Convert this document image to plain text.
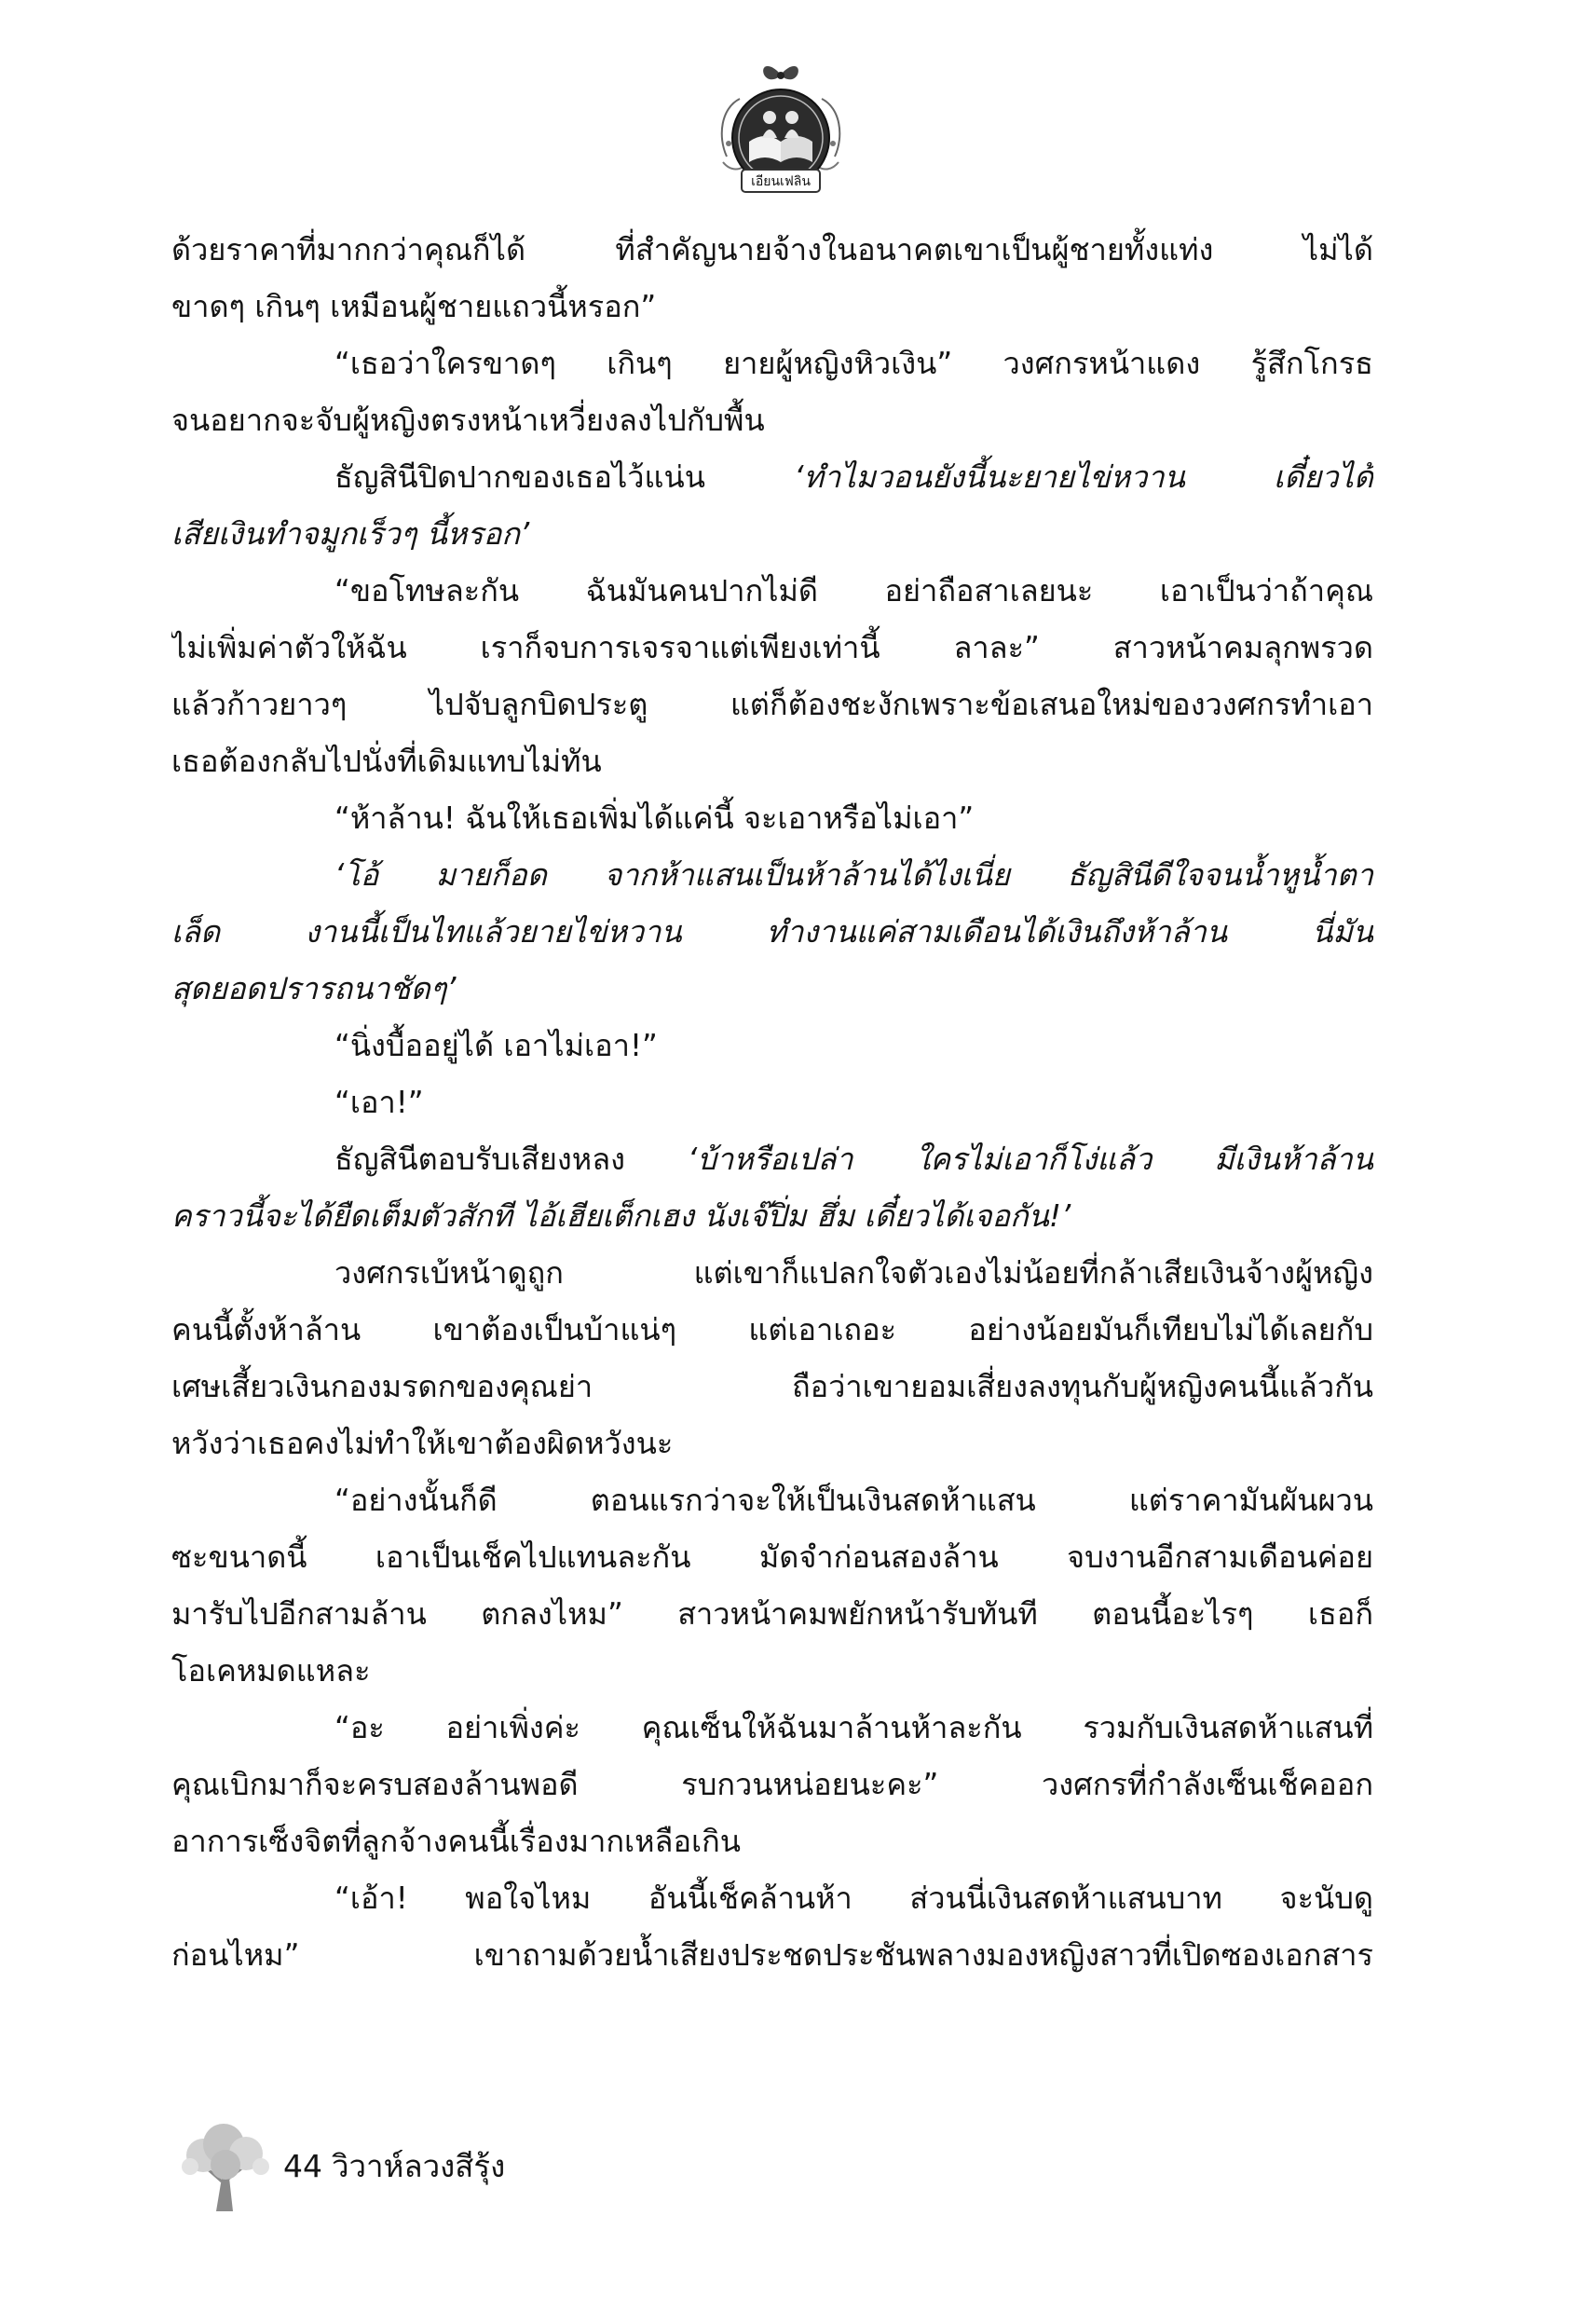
เอียนเฟลิน
ด้วยราคาที่มากกว่าคุณก็ได้ ที่สำคัญนายจ้างในอนาคตเขาเป็นผู้ชายทั้งแท่ง ไม่ได้
ขาดๆ เกินๆ เหมือนผู้ชายแถวนี้หรอก”
“เธอว่าใครขาดๆ เกินๆ ยายผู้หญิงหิวเงิน” วงศกรหน้าแดง รู้สึกโกรธ
จนอยากจะจับผู้หญิงตรงหน้าเหวี่ยงลงไปกับพื้น
ธัญสินีปิดปากของเธอไว้แน่น ‘ทำไมวอนยังนี้นะยายไข่หวาน เดี๋ยวได้
เสียเงินทำจมูกเร็วๆ นี้หรอก’
“ขอโทษละกัน ฉันมันคนปากไม่ดี อย่าถือสาเลยนะ เอาเป็นว่าถ้าคุณ
ไม่เพิ่มค่าตัวให้ฉัน เราก็จบการเจรจาแต่เพียงเท่านี้ ลาละ” สาวหน้าคมลุกพรวด
แล้วก้าวยาวๆ ไปจับลูกบิดประตู แต่ก็ต้องชะงักเพราะข้อเสนอใหม่ของวงศกรทำเอา
เธอต้องกลับไปนั่งที่เดิมแทบไม่ทัน
“ห้าล้าน! ฉันให้เธอเพิ่มได้แค่นี้ จะเอาหรือไม่เอา”
‘โอ้ มายก็อด จากห้าแสนเป็นห้าล้านได้ไงเนี่ย ธัญสินีดีใจจนน้ำหูน้ำตา
เล็ด งานนี้เป็นไทแล้วยายไข่หวาน ทำงานแค่สามเดือนได้เงินถึงห้าล้าน นี่มัน
สุดยอดปรารถนาชัดๆ’
“นิ่งบื้ออยู่ได้ เอาไม่เอา!”
“เอา!”
ธัญสินีตอบรับเสียงหลง ‘บ้าหรือเปล่า ใครไม่เอาก็โง่แล้ว มีเงินห้าล้าน
คราวนี้จะได้ยืดเต็มตัวสักที ไอ้เฮียเต็กเฮง นังเจ๊ปิ่ม ฮึ่ม เดี๋ยวได้เจอกัน!’
วงศกรเบ้หน้าดูถูก แต่เขาก็แปลกใจตัวเองไม่น้อยที่กล้าเสียเงินจ้างผู้หญิง
คนนี้ตั้งห้าล้าน เขาต้องเป็นบ้าแน่ๆ แต่เอาเถอะ อย่างน้อยมันก็เทียบไม่ได้เลยกับ
เศษเสี้ยวเงินกองมรดกของคุณย่า ถือว่าเขายอมเสี่ยงลงทุนกับผู้หญิงคนนี้แล้วกัน
หวังว่าเธอคงไม่ทำให้เขาต้องผิดหวังนะ
“อย่างนั้นก็ดี ตอนแรกว่าจะให้เป็นเงินสดห้าแสน แต่ราคามันผันผวน
ซะขนาดนี้ เอาเป็นเช็คไปแทนละกัน มัดจำก่อนสองล้าน จบงานอีกสามเดือนค่อย
มารับไปอีกสามล้าน ตกลงไหม” สาวหน้าคมพยักหน้ารับทันที ตอนนี้อะไรๆ เธอก็
โอเคหมดแหละ
“อะ อย่าเพิ่งค่ะ คุณเซ็นให้ฉันมาล้านห้าละกัน รวมกับเงินสดห้าแสนที่
คุณเบิกมาก็จะครบสองล้านพอดี รบกวนหน่อยนะคะ” วงศกรที่กำลังเซ็นเช็คออก
อาการเซ็งจิตที่ลูกจ้างคนนี้เรื่องมากเหลือเกิน
“เอ้า! พอใจไหม อันนี้เช็คล้านห้า ส่วนนี่เงินสดห้าแสนบาท จะนับดู
ก่อนไหม” เขาถามด้วยน้ำเสียงประชดประชันพลางมองหญิงสาวที่เปิดซองเอกสาร
44 วิวาห์ลวงสีรุ้ง
